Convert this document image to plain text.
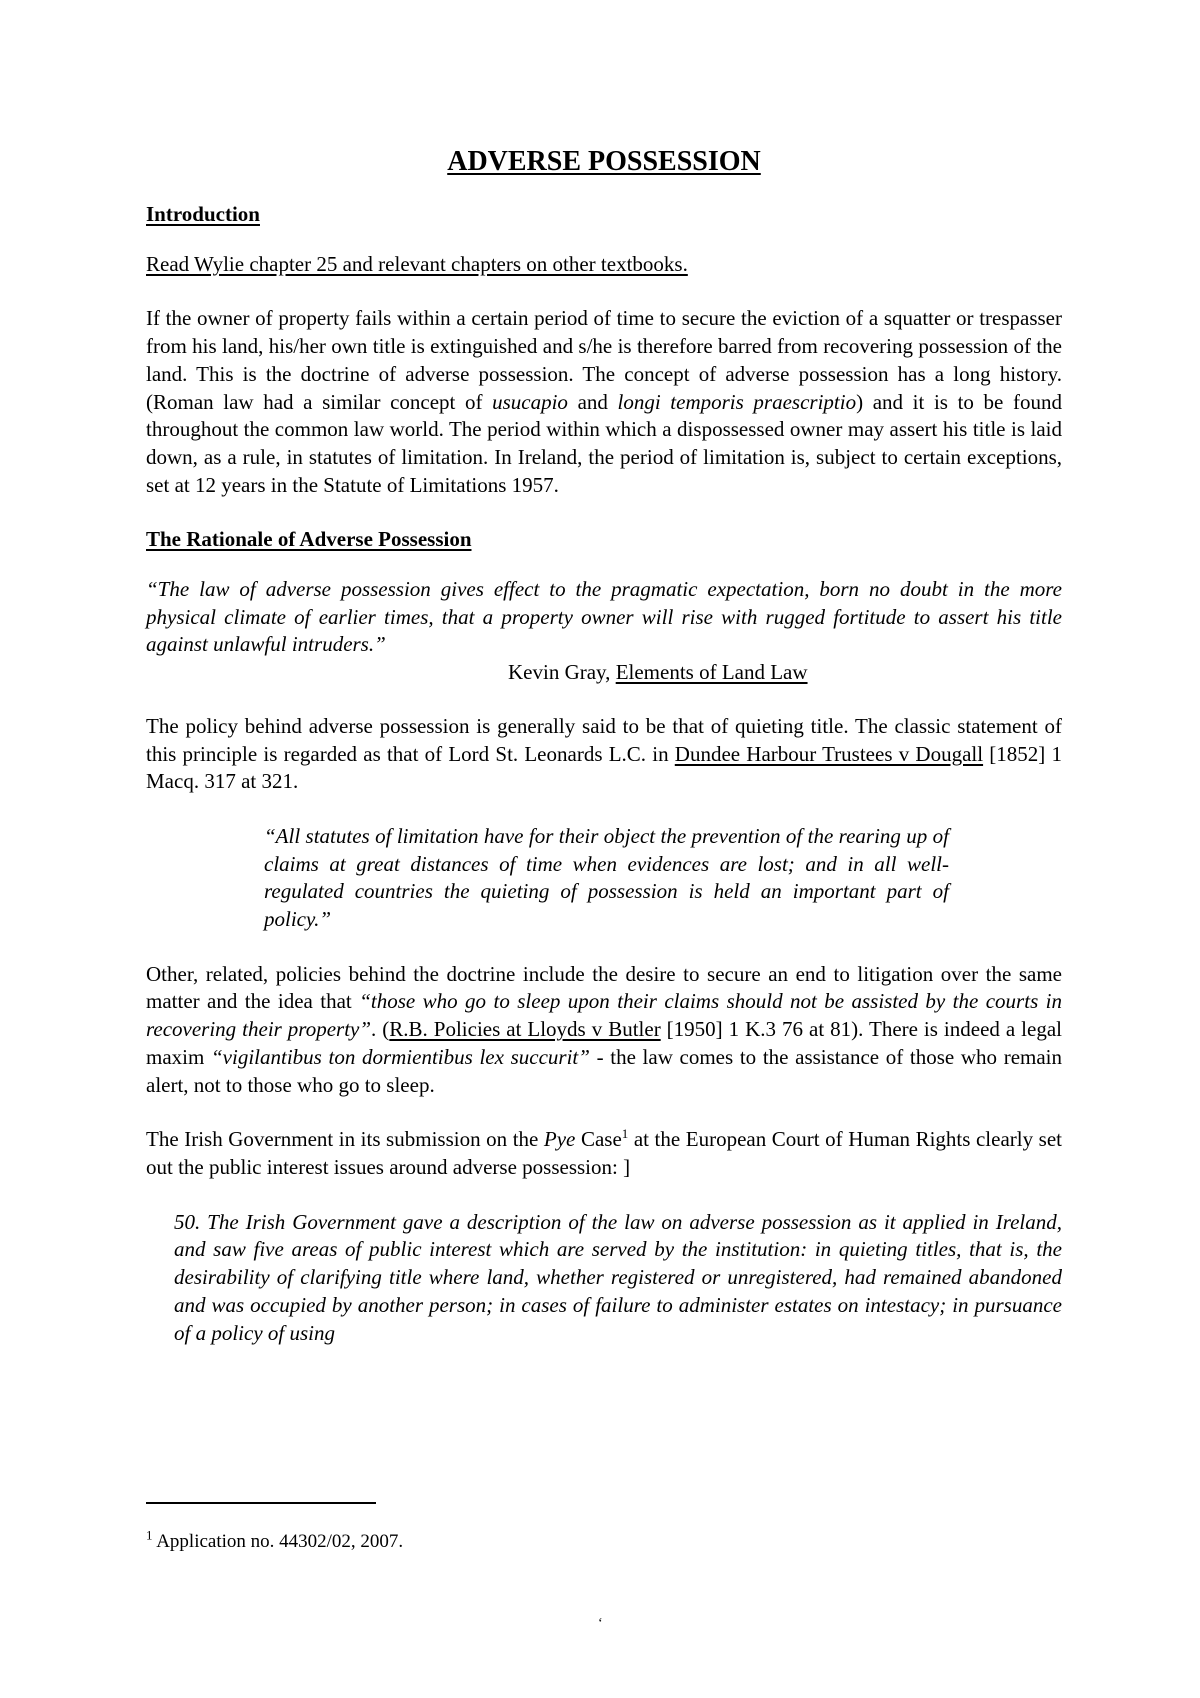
ADVERSE POSSESSION
Introduction

Read Wylie chapter 25 and relevant chapters on other textbooks.

If the owner of property fails within a certain period of time to secure the eviction of a squatter or trespasser from his land, his/her own title is extinguished and s/he is therefore barred from recovering possession of the land. This is the doctrine of adverse possession. The concept of adverse possession has a long history. (Roman law had a similar concept of usucapio and longi temporis praescriptio) and it is to be found throughout the common law world. The period within which a dispossessed owner may assert his title is laid down, as a rule, in statutes of limitation. In Ireland, the period of limitation is, subject to certain exceptions, set at 12 years in the Statute of Limitations 1957.

The Rationale of Adverse Possession
“The law of adverse possession gives effect to the pragmatic expectation, born no doubt in the more physical climate of earlier times, that a property owner will rise with rugged fortitude to assert his title against unlawful intruders.”
Kevin Gray, Elements of Land Law

The policy behind adverse possession is generally said to be that of quieting title. The classic statement of this principle is regarded as that of Lord St. Leonards L.C. in Dundee Harbour Trustees v Dougall [1852] 1 Macq. 317 at 321.

“All statutes of limitation have for their object the prevention of the rearing up of claims at great distances of time when evidences are lost; and in all well-regulated countries the quieting of possession is held an important part of policy.”

Other, related, policies behind the doctrine include the desire to secure an end to litigation over the same matter and the idea that “those who go to sleep upon their claims should not be assisted by the courts in recovering their property”. (R.B. Policies at Lloyds v Butler [1950] 1 K.3 76 at 81). There is indeed a legal maxim “vigilantibus ton dormientibus lex succurit” - the law comes to the assistance of those who remain alert, not to those who go to sleep.

The Irish Government in its submission on the Pye Case$^1$ at the European Court of Human Rights clearly set out the public interest issues around adverse possession: ]

50. The Irish Government gave a description of the law on adverse possession as it applied in Ireland, and saw five areas of public interest which are served by the institution: in quieting titles, that is, the desirability of clarifying title where land, whether registered or unregistered, had remained abandoned and was occupied by another person; in cases of failure to administer estates on intestacy; in pursuance of a policy of using
$^1$ Application no. 44302/02, 2007.
‘
